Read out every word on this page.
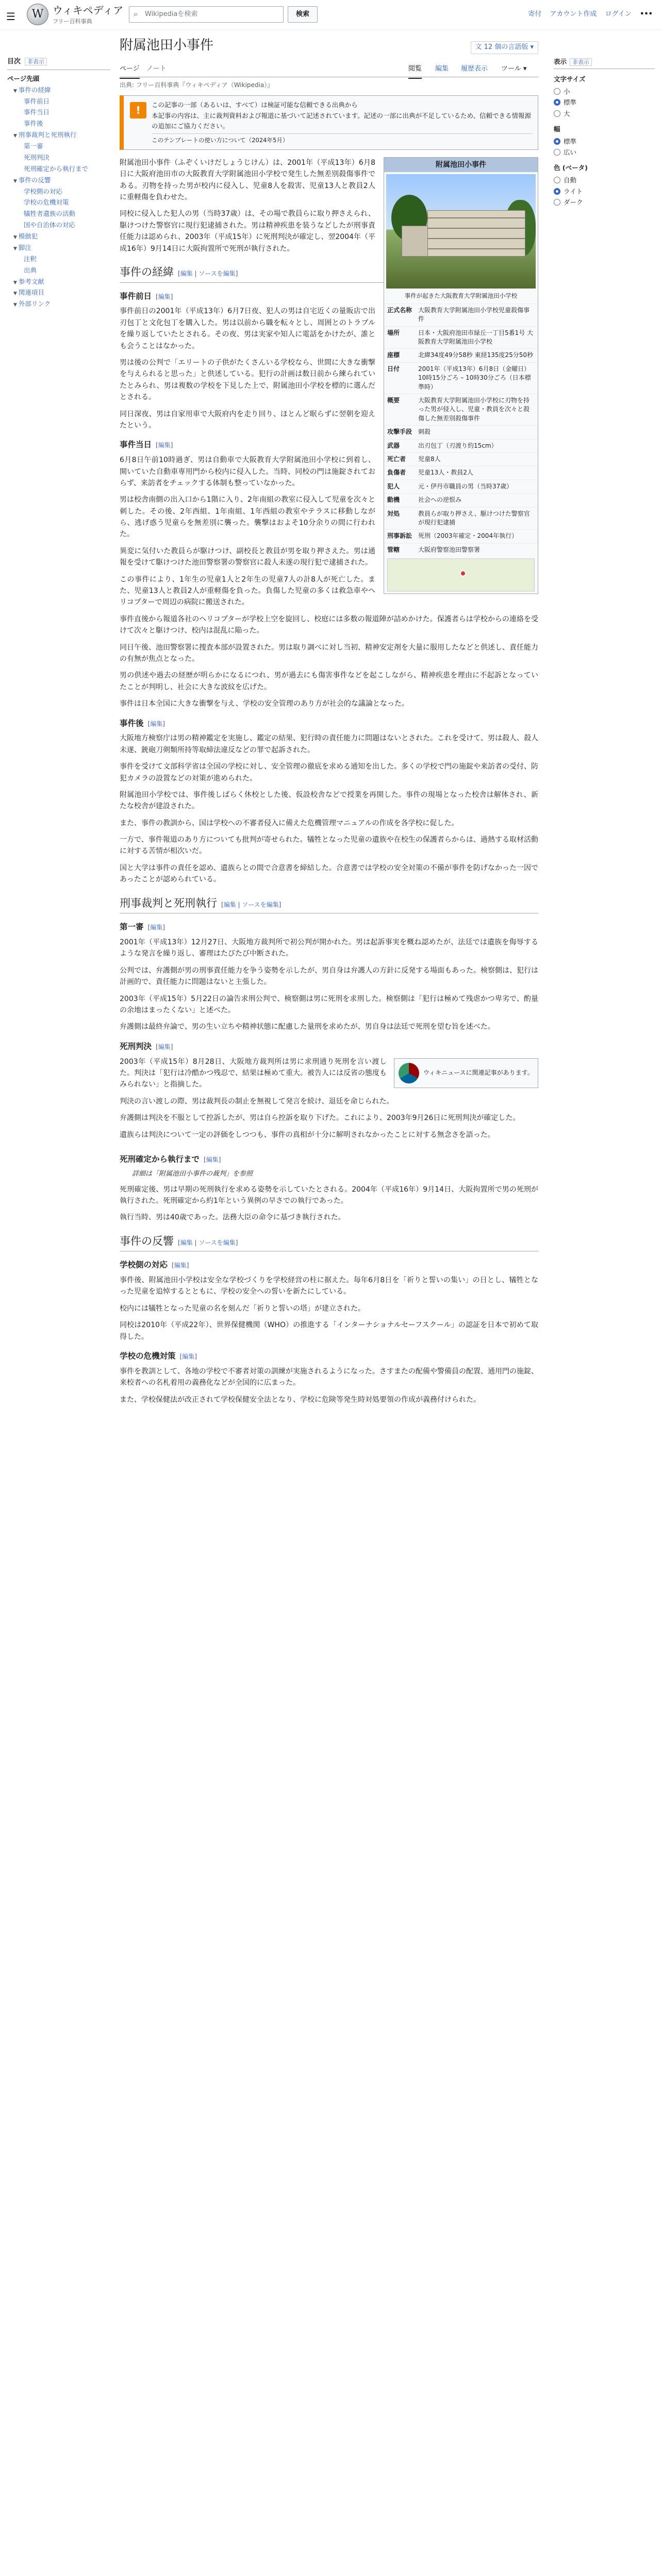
☰	W ウィキペディア
フリー百科事典
⌕	Wikipediaを検索	検索	寄付 アカウント作成 ログイン •••
目次 非表示
ページ先頭
▼ 事件の経緯
事件前日
事件当日
事件後
▼ 刑事裁判と死刑執行
第一審
死刑判決
死刑確定から執行まで
▼ 事件の反響
学校側の対応
学校の危機対策
犠牲者遺族の活動
国や自治体の対応
▼ 模倣犯
▼ 脚注
注釈
出典
▼ 参考文献
▼ 関連項目
▼ 外部リンク
附属池田小事件	文 12 個の言語版 ▾
ページ ノート	閲覧 編集 履歴表示 ツール ▾
出典: フリー百科事典『ウィキペディア（Wikipedia）』
!	この記事の一部（あるいは、すべて）は検証可能な信頼できる出典から

本記事の内容は、主に裁判資料および報道に基づいて記述されています。記述の一部に出典が不足しているため、信頼できる情報源の追加にご協力ください。

このテンプレートの使い方について（2024年5月）

附属池田小事件
事件が起きた大阪教育大学附属池田小学校
正式名称 大阪教育大学附属池田小学校児童殺傷事件
場所	日本・大阪府池田市緑丘一丁目5番1号 大阪教育大学附属池田小学校
座標	北緯34度49分58秒 東経135度25分50秒
日付	2001年（平成13年）6月8日（金曜日）10時15分ごろ – 10時30分ごろ（日本標準時）
概要	大阪教育大学附属池田小学校に刃物を持った男が侵入し、児童・教員を次々と殺傷した無差別殺傷事件
攻撃手段 刺殺
武器	出刃包丁（刃渡り約15cm）
死亡者	児童8人
負傷者	児童13人・教員2人
犯人	元・伊丹市職員の男（当時37歳）
動機	社会への逆恨み
対処	教員らが取り押さえ、駆けつけた警察官が現行犯逮捕
刑事訴訟 死刑（2003年確定・2004年執行）
管轄	大阪府警察池田警察署

附属池田小事件（ふぞくいけだしょうじけん）は、2001年（平成13年）6月8日に大阪府池田市の大阪教育大学附属池田小学校で発生した無差別殺傷事件である。刃物を持った男が校内に侵入し、児童8人を殺害、児童13人と教員2人に重軽傷を負わせた。

同校に侵入した犯人の男（当時37歳）は、その場で教員らに取り押さえられ、駆けつけた警察官に現行犯逮捕された。男は精神疾患を装うなどしたが刑事責任能力は認められ、2003年（平成15年）に死刑判決が確定し、翌2004年（平成16年）9月14日に大阪拘置所で死刑が執行された。

事件の経緯 [編集 | ソースを編集]
事件前日 [編集]

事件前日の2001年（平成13年）6月7日夜、犯人の男は自宅近くの量販店で出刃包丁と文化包丁を購入した。男は以前から職を転々とし、周囲とのトラブルを繰り返していたとされる。その夜、男は実家や知人に電話をかけたが、誰とも会うことはなかった。

男は後の公判で「エリートの子供がたくさんいる学校なら、世間に大きな衝撃を与えられると思った」と供述している。犯行の計画は数日前から練られていたとみられ、男は複数の学校を下見した上で、附属池田小学校を標的に選んだとされる。

同日深夜、男は自家用車で大阪府内を走り回り、ほとんど眠らずに翌朝を迎えたという。

事件当日 [編集]

6月8日午前10時過ぎ、男は自動車で大阪教育大学附属池田小学校に到着し、開いていた自動車専用門から校内に侵入した。当時、同校の門は施錠されておらず、来訪者をチェックする体制も整っていなかった。

男は校舎南側の出入口から1階に入り、2年南組の教室に侵入して児童を次々と刺した。その後、2年西組、1年南組、1年西組の教室やテラスに移動しながら、逃げ惑う児童らを無差別に襲った。襲撃はおよそ10分余りの間に行われた。

異変に気付いた教員らが駆けつけ、副校長と教員が男を取り押さえた。男は通報を受けて駆けつけた池田警察署の警察官に殺人未遂の現行犯で逮捕された。

この事件により、1年生の児童1人と2年生の児童7人の計8人が死亡した。また、児童13人と教員2人が重軽傷を負った。負傷した児童の多くは救急車やヘリコプターで周辺の病院に搬送された。

事件直後から報道各社のヘリコプターが学校上空を旋回し、校庭には多数の報道陣が詰めかけた。保護者らは学校からの連絡を受けて次々と駆けつけ、校内は混乱に陥った。

同日午後、池田警察署に捜査本部が設置された。男は取り調べに対し当初、精神安定剤を大量に服用したなどと供述し、責任能力の有無が焦点となった。

男の供述や過去の経歴が明らかになるにつれ、男が過去にも傷害事件などを起こしながら、精神疾患を理由に不起訴となっていたことが判明し、社会に大きな波紋を広げた。

事件は日本全国に大きな衝撃を与え、学校の安全管理のあり方が社会的な議論となった。

事件後 [編集]

大阪地方検察庁は男の精神鑑定を実施し、鑑定の結果、犯行時の責任能力に問題はないとされた。これを受けて、男は殺人、殺人未遂、銃砲刀剣類所持等取締法違反などの罪で起訴された。

事件を受けて文部科学省は全国の学校に対し、安全管理の徹底を求める通知を出した。多くの学校で門の施錠や来訪者の受付、防犯カメラの設置などの対策が進められた。

附属池田小学校では、事件後しばらく休校とした後、仮設校舎などで授業を再開した。事件の現場となった校舎は解体され、新たな校舎が建設された。

また、事件の教訓から、国は学校への不審者侵入に備えた危機管理マニュアルの作成を各学校に促した。

一方で、事件報道のあり方についても批判が寄せられた。犠牲となった児童の遺族や在校生の保護者らからは、過熱する取材活動に対する苦情が相次いだ。

国と大学は事件の責任を認め、遺族らとの間で合意書を締結した。合意書では学校の安全対策の不備が事件を防げなかった一因であったことが認められている。

刑事裁判と死刑執行 [編集 | ソースを編集]
第一審 [編集]

2001年（平成13年）12月27日、大阪地方裁判所で初公判が開かれた。男は起訴事実を概ね認めたが、法廷では遺族を侮辱するような発言を繰り返し、審理はたびたび中断された。

公判では、弁護側が男の刑事責任能力を争う姿勢を示したが、男自身は弁護人の方針に反発する場面もあった。検察側は、犯行は計画的で、責任能力に問題はないと主張した。

2003年（平成15年）5月22日の論告求刑公判で、検察側は男に死刑を求刑した。検察側は「犯行は極めて残虐かつ卑劣で、酌量の余地はまったくない」と述べた。

弁護側は最終弁論で、男の生い立ちや精神状態に配慮した量刑を求めたが、男自身は法廷で死刑を望む旨を述べた。

死刑判決 [編集]
ウィキニュースに関連記事があります。

2003年（平成15年）8月28日、大阪地方裁判所は男に求刑通り死刑を言い渡した。判決は「犯行は冷酷かつ残忍で、結果は極めて重大。被告人には反省の態度もみられない」と指摘した。

判決の言い渡しの際、男は裁判長の制止を無視して発言を続け、退廷を命じられた。

弁護側は判決を不服として控訴したが、男は自ら控訴を取り下げた。これにより、2003年9月26日に死刑判決が確定した。

遺族らは判決について一定の評価をしつつも、事件の真相が十分に解明されなかったことに対する無念さを語った。

死刑確定から執行まで [編集]
詳細は「附属池田小事件の裁判」を参照

死刑確定後、男は早期の死刑執行を求める姿勢を示していたとされる。2004年（平成16年）9月14日、大阪拘置所で男の死刑が執行された。死刑確定から約1年という異例の早さでの執行であった。

執行当時、男は40歳であった。法務大臣の命令に基づき執行された。

事件の反響 [編集 | ソースを編集]
学校側の対応 [編集]

事件後、附属池田小学校は安全な学校づくりを学校経営の柱に据えた。毎年6月8日を「祈りと誓いの集い」の日とし、犠牲となった児童を追悼するとともに、学校の安全への誓いを新たにしている。

校内には犠牲となった児童の名を刻んだ「祈りと誓いの塔」が建立された。

同校は2010年（平成22年）、世界保健機関（WHO）の推進する「インターナショナルセーフスクール」の認証を日本で初めて取得した。

学校の危機対策 [編集]

事件を教訓として、各地の学校で不審者対策の訓練が実施されるようになった。さすまたの配備や警備員の配置、通用門の施錠、来校者への名札着用の義務化などが全国的に広まった。

また、学校保健法が改正されて学校保健安全法となり、学校に危険等発生時対処要領の作成が義務付けられた。

表示 非表示
文字サイズ
小
標準
大
幅
標準
広い
色 (ベータ)
自動
ライト
ダーク
